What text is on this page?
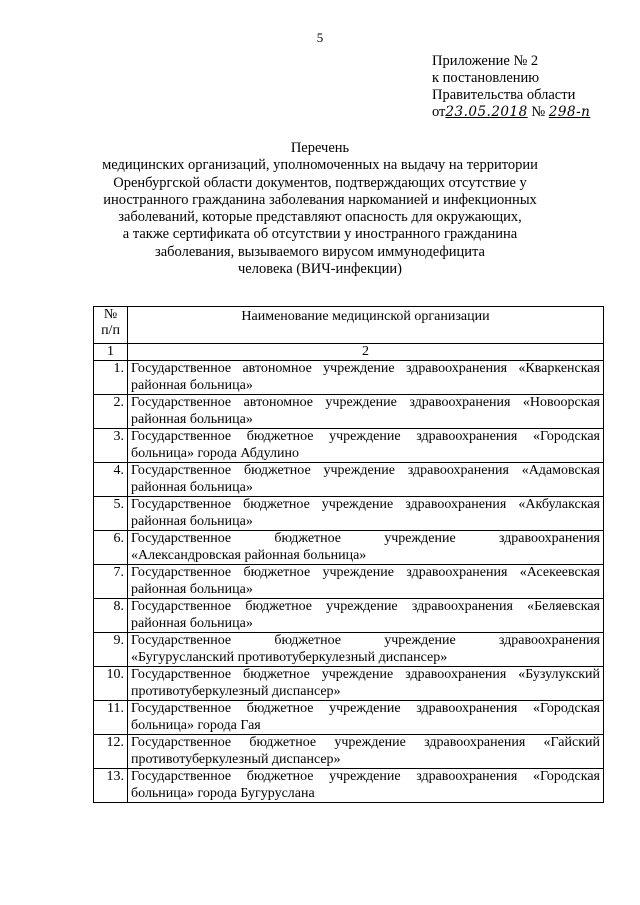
5
Приложение № 2
к постановлению
Правительства области
от23.05.2018 № 298-п
Перечень
медицинских организаций, уполномоченных на выдачу на территории
Оренбургской области документов, подтверждающих отсутствие у
иностранного гражданина заболевания наркоманией и инфекционных
заболеваний, которые представляют опасность для окружающих,
а также сертификата об отсутствии у иностранного гражданина
заболевания, вызываемого вирусом иммунодефицита
человека (ВИЧ-инфекции)
№
п/п	Наименование медицинской организации
1	2
1.	Государственное автономное учреждение здравоохранения «Кваркенская
районная больница»
2.	Государственное автономное учреждение здравоохранения «Новоорская
районная больница»
3.	Государственное бюджетное учреждение здравоохранения «Городская
больница» города Абдулино
4.	Государственное бюджетное учреждение здравоохранения «Адамовская
районная больница»
5.	Государственное бюджетное учреждение здравоохранения «Акбулакская
районная больница»
6.	Государственное бюджетное учреждение здравоохранения
«Александровская районная больница»
7.	Государственное бюджетное учреждение здравоохранения «Асекеевская
районная больница»
8.	Государственное бюджетное учреждение здравоохранения «Беляевская
районная больница»
9.	Государственное бюджетное учреждение здравоохранения
«Бугурусланский противотуберкулезный диспансер»
10.	Государственное бюджетное учреждение здравоохранения «Бузулукский
противотуберкулезный диспансер»
11.	Государственное бюджетное учреждение здравоохранения «Городская
больница» города Гая
12.	Государственное бюджетное учреждение здравоохранения «Гайский
противотуберкулезный диспансер»
13.	Государственное бюджетное учреждение здравоохранения «Городская
больница» города Бугуруслана
